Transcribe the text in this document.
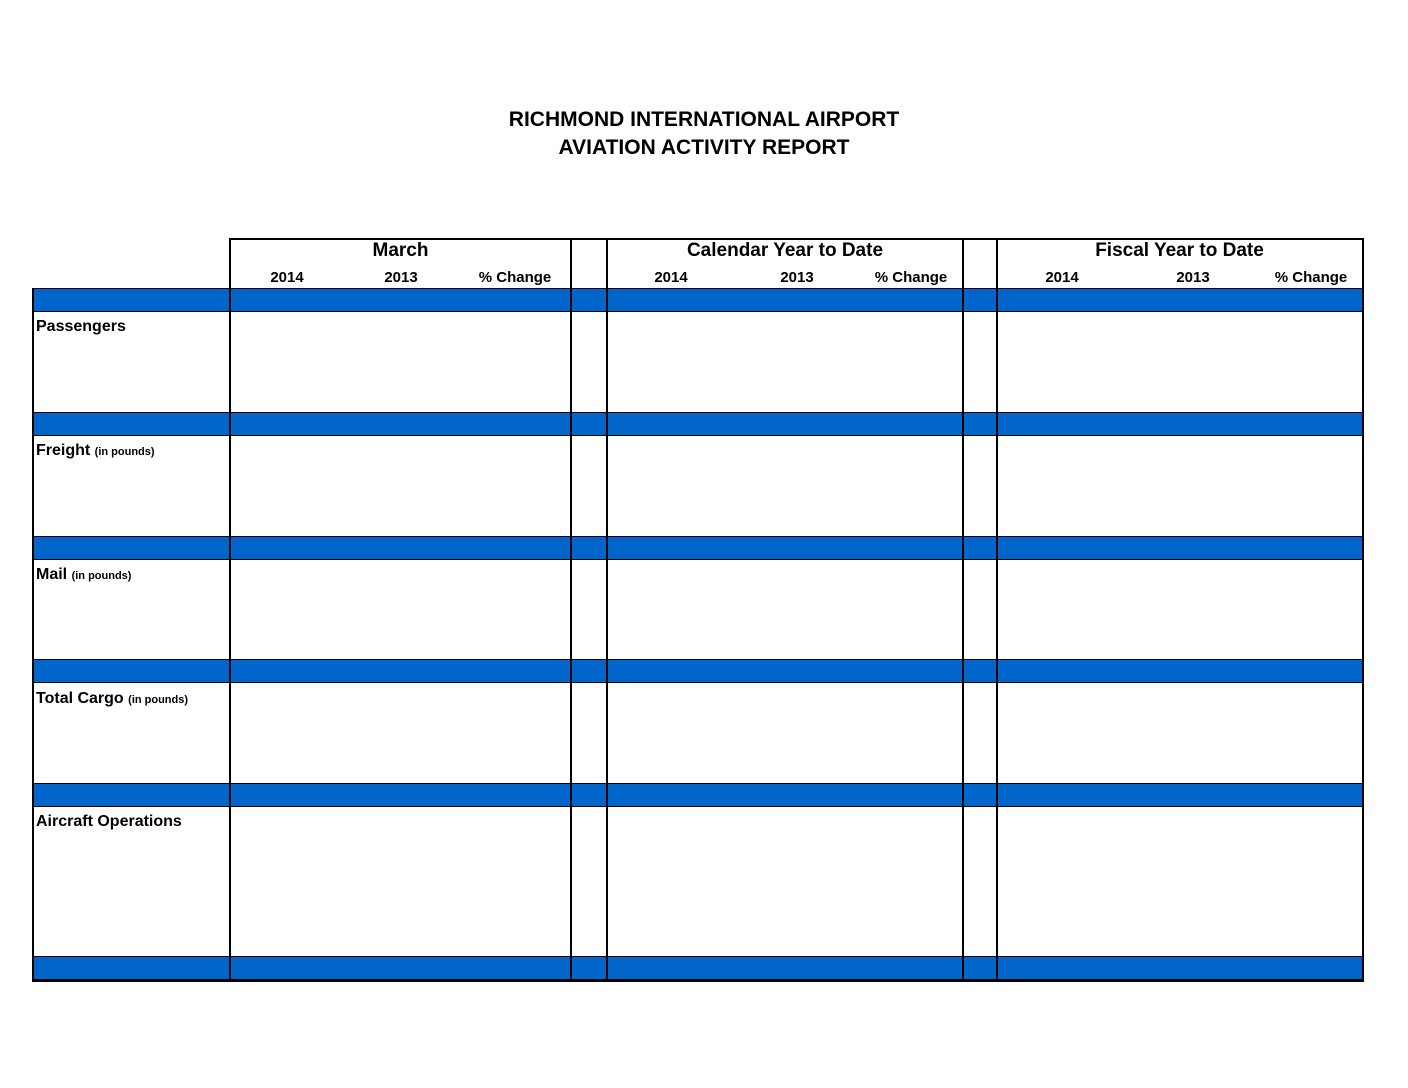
RICHMOND INTERNATIONAL AIRPORT
AVIATION ACTIVITY REPORT
March
2014	2013	% Change
Calendar Year to Date
2014	2013	% Change
Fiscal Year to Date
2014	2013	% Change
Passengers
Freight (in pounds)
Mail (in pounds)
Total Cargo (in pounds)
Aircraft Operations
